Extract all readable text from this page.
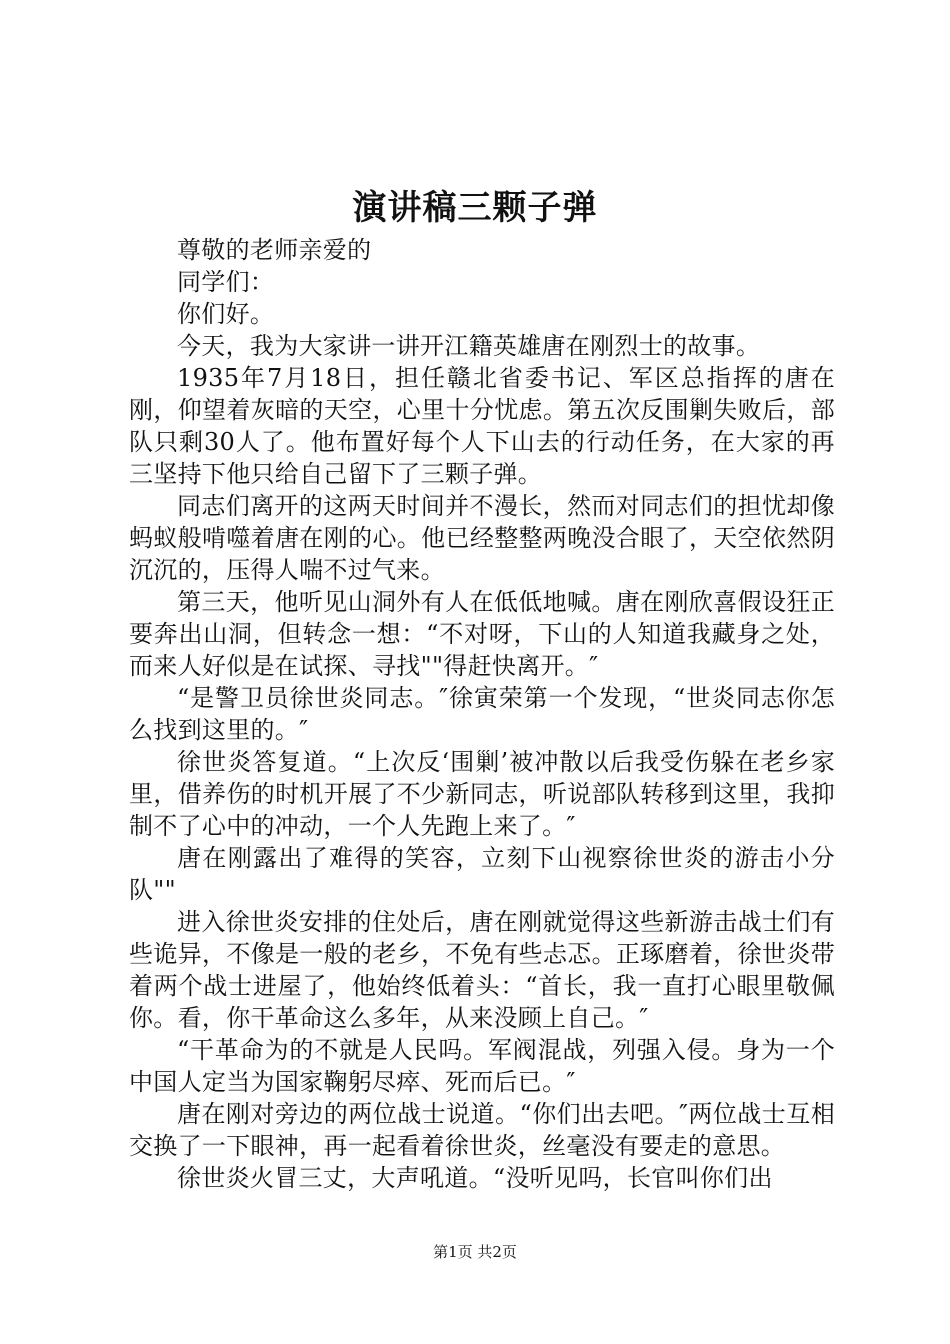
演讲稿三颗子弹

尊敬的老师亲爱的

同学们：

你们好。

今天，我为大家讲一讲开江籍英雄唐在刚烈士的故事。

1935年7月18日，担任赣北省委书记、军区总指挥的唐在刚，仰望着灰暗的天空，心里十分忧虑。第五次反围剿失败后，部队只剩30人了。他布置好每个人下山去的行动任务，在大家的再三坚持下他只给自己留下了三颗子弹。

同志们离开的这两天时间并不漫长，然而对同志们的担忧却像蚂蚁般啃噬着唐在刚的心。他已经整整两晚没合眼了，天空依然阴沉沉的，压得人喘不过气来。

第三天，他听见山洞外有人在低低地喊。唐在刚欣喜假设狂正要奔出山洞，但转念一想：“不对呀，下山的人知道我藏身之处，而来人好似是在试探、寻找""得赶快离开。″

“是警卫员徐世炎同志。″徐寅荣第一个发现，“世炎同志你怎么找到这里的。″

徐世炎答复道。“上次反‘围剿’被冲散以后我受伤躲在老乡家里，借养伤的时机开展了不少新同志，听说部队转移到这里，我抑制不了心中的冲动，一个人先跑上来了。″

唐在刚露出了难得的笑容，立刻下山视察徐世炎的游击小分队""

进入徐世炎安排的住处后，唐在刚就觉得这些新游击战士们有些诡异，不像是一般的老乡，不免有些忐忑。正琢磨着，徐世炎带着两个战士进屋了，他始终低着头：“首长，我一直打心眼里敬佩你。看，你干革命这么多年，从来没顾上自己。″

“干革命为的不就是人民吗。军阀混战，列强入侵。身为一个中国人定当为国家鞠躬尽瘁、死而后已。″

唐在刚对旁边的两位战士说道。“你们出去吧。″两位战士互相交换了一下眼神，再一起看着徐世炎，丝毫没有要走的意思。

徐世炎火冒三丈，大声吼道。“没听见吗，长官叫你们出

第1页 共2页
